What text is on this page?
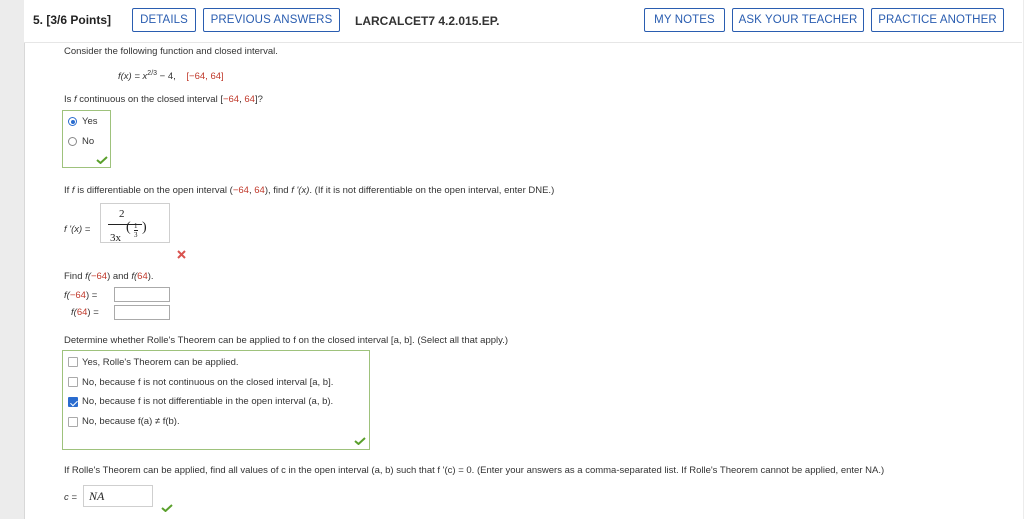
5. [3/6 Points]	DETAILS	PREVIOUS ANSWERS	LARCALCET7 4.2.015.EP.	MY NOTES	ASK YOUR TEACHER	PRACTICE ANOTHER
Consider the following function and closed interval.
$f(x) = x^{2/3} - 4$, [−64, 64]
Is f continuous on the closed interval [−64, 64]?
Yes
No
If f is differentiable on the open interval (−64, 64), find f '(x). (If it is not differentiable on the open interval, enter DNE.)
f '(x) =
2
3x
( $\frac{1}{3}$ )
Find f(−64) and f(64).
f(−64) =
f(64) =
Determine whether Rolle's Theorem can be applied to f on the closed interval [a, b]. (Select all that apply.)
Yes, Rolle's Theorem can be applied.
No, because f is not continuous on the closed interval [a, b].
No, because f is not differentiable in the open interval (a, b).
No, because f(a) ≠ f(b).
If Rolle's Theorem can be applied, find all values of c in the open interval (a, b) such that f '(c) = 0. (Enter your answers as a comma-separated list. If Rolle's Theorem cannot be applied, enter NA.)
c = NA
